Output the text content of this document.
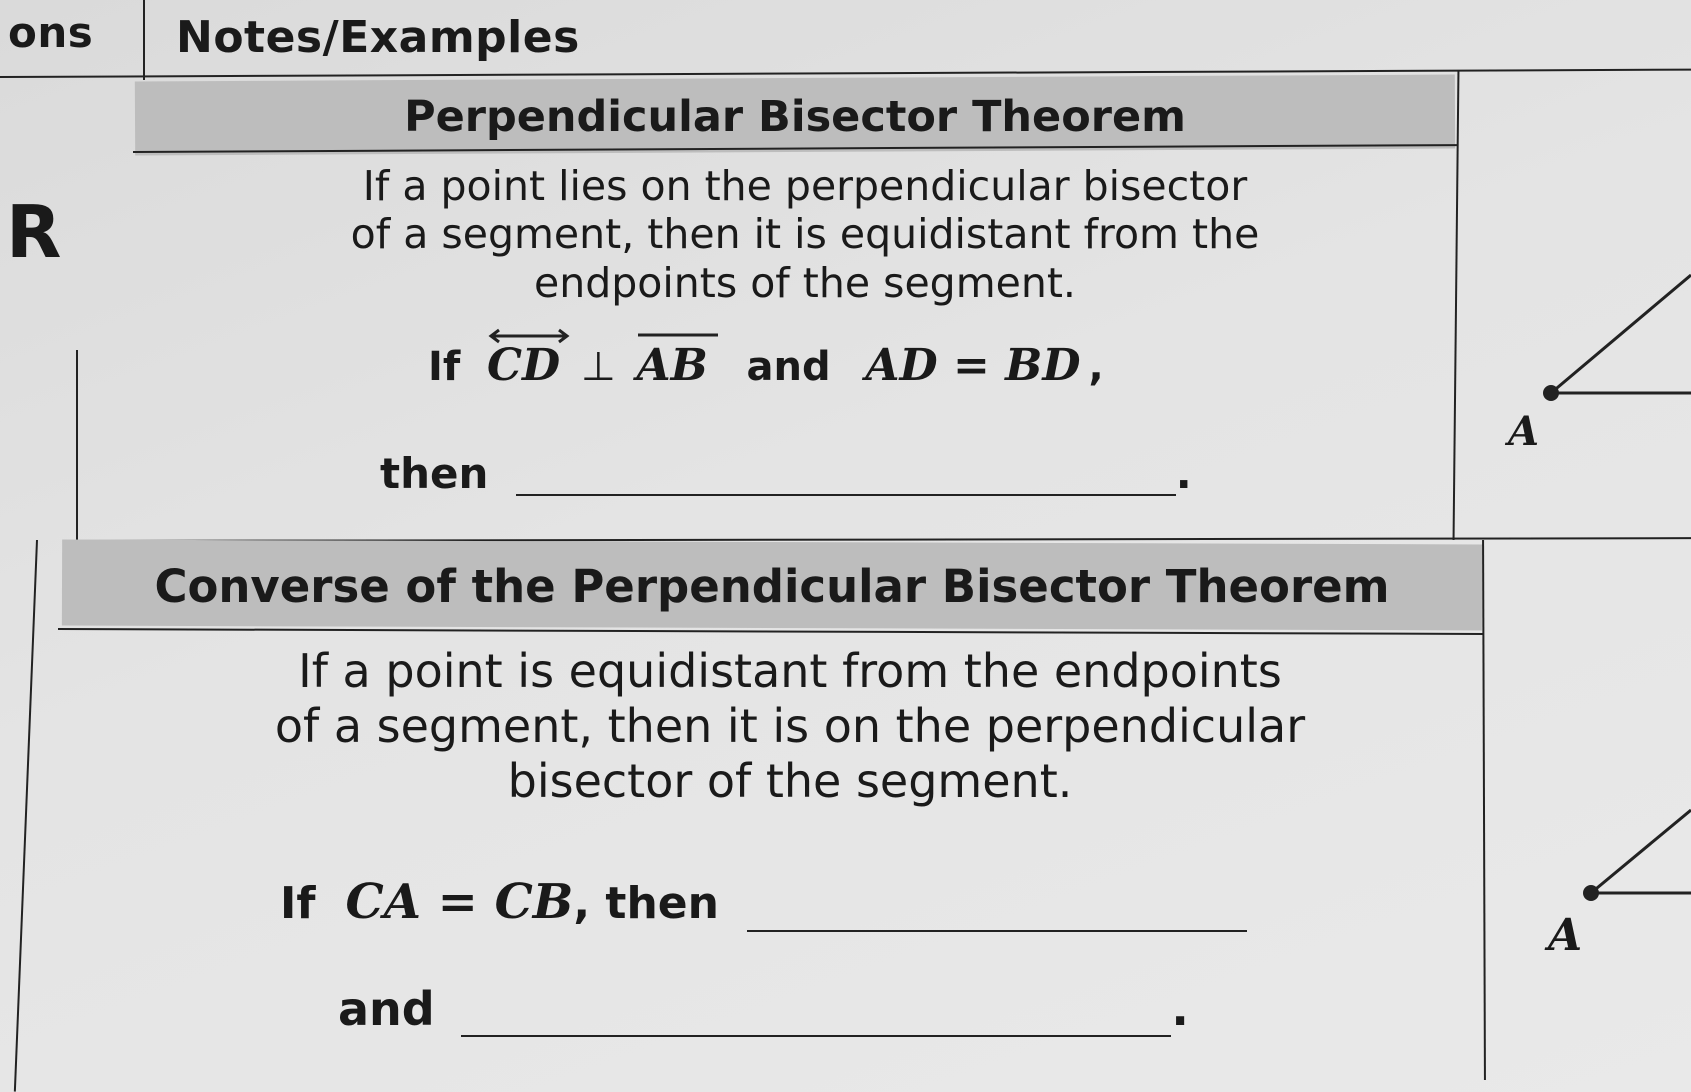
ons Notes/Examples
R
Perpendicular Bisector Theorem
If a point lies on the perpendicular bisector
of a segment, then it is equidistant from the
endpoints of the segment.
If CD ⊥ AB and AD = BD ,
then	.
Converse of the Perpendicular Bisector Theorem
If a point is equidistant from the endpoints
of a segment, then it is on the perpendicular
bisector of the segment.
If CA = CB, then
and	.
A
A
